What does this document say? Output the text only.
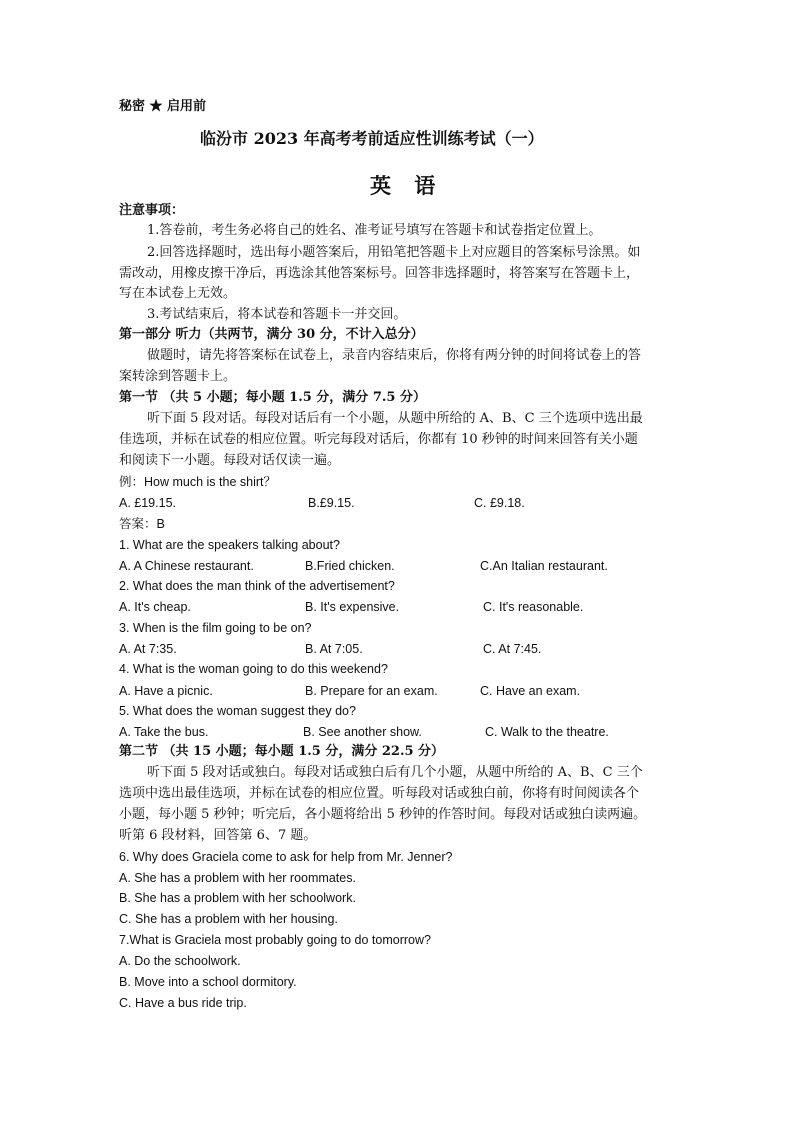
秘密 ★ 启用前
临汾市 2023 年高考考前适应性训练考试（一）
英 语
注意事项：
1.答卷前，考生务必将自己的姓名、准考证号填写在答题卡和试卷指定位置上。
2.回答选择题时，选出每小题答案后，用铅笔把答题卡上对应题目的答案标号涂黑。如
需改动，用橡皮擦干净后，再选涂其他答案标号。回答非选择题时，将答案写在答题卡上，
写在本试卷上无效。
3.考试结束后，将本试卷和答题卡一并交回。
第一部分 听力（共两节，满分 30 分，不计入总分）
做题时，请先将答案标在试卷上，录音内容结束后，你将有两分钟的时间将试卷上的答
案转涂到答题卡上。
第一节 （共 5 小题；每小题 1.5 分，满分 7.5 分）
听下面 5 段对话。每段对话后有一个小题，从题中所给的 A、B、C 三个选项中选出最
佳选项，并标在试卷的相应位置。听完每段对话后，你都有 10 秒钟的时间来回答有关小题
和阅读下一小题。每段对话仅读一遍。
例：How much is the shirt？
A. £19.15.	B.£9.15.	C. £9.18.
答案：B
1. What are the speakers talking about?
A. A Chinese restaurant.	B.Fried chicken.	C.An Italian restaurant.
2. What does the man think of the advertisement?
A. It's cheap.	B. It's expensive.	C. It's reasonable.
3. When is the film going to be on?
A. At 7:35.	B. At 7:05.	C. At 7:45.
4. What is the woman going to do this weekend?
A. Have a picnic.	B. Prepare for an exam.	C. Have an exam.
5. What does the woman suggest they do?
A. Take the bus.	B. See another show.	C. Walk to the theatre.
第二节 （共 15 小题；每小题 1.5 分，满分 22.5 分）
听下面 5 段对话或独白。每段对话或独白后有几个小题，从题中所给的 A、B、C 三个
选项中选出最佳选项，并标在试卷的相应位置。听每段对话或独白前，你将有时间阅读各个
小题，每小题 5 秒钟；听完后，各小题将给出 5 秒钟的作答时间。每段对话或独白读两遍。
听第 6 段材料，回答第 6、7 题。
6. Why does Graciela come to ask for help from Mr. Jenner?
A. She has a problem with her roommates.
B. She has a problem with her schoolwork.
C. She has a problem with her housing.
7.What is Graciela most probably going to do tomorrow?
A. Do the schoolwork.
B. Move into a school dormitory.
C. Have a bus ride trip.
